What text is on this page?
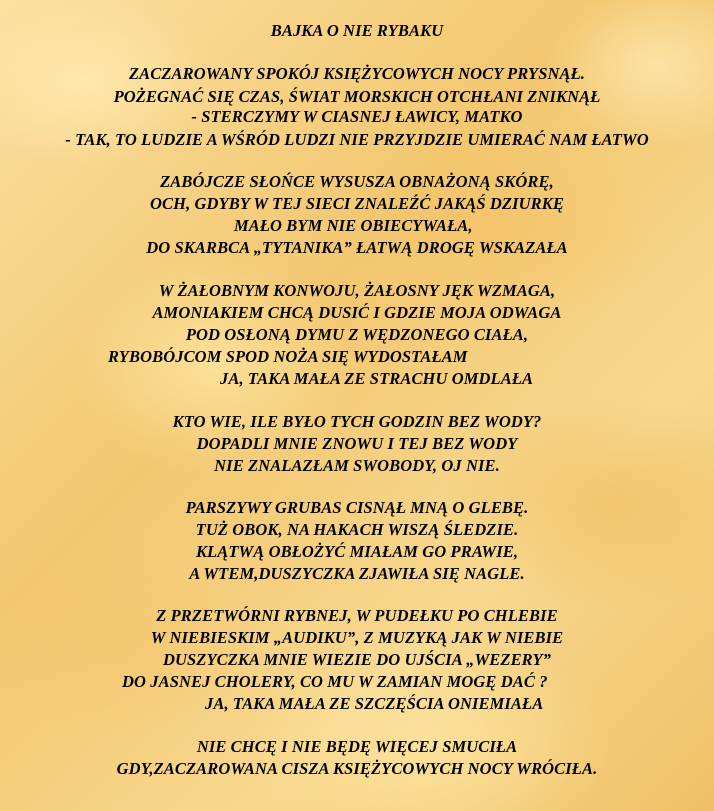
BAJKA O NIE RYBAKU
ZACZAROWANY SPOKÓJ KSIĘŻYCOWYCH NOCY PRYSNĄŁ.
POŻEGNAĆ SIĘ CZAS, ŚWIAT MORSKICH OTCHŁANI ZNIKNĄŁ
- STERCZYMY W CIASNEJ ŁAWICY, MATKO
- TAK, TO LUDZIE A WŚRÓD LUDZI NIE PRZYJDZIE UMIERAĆ NAM ŁATWO
ZABÓJCZE SŁOŃCE WYSUSZA OBNAŻONĄ SKÓRĘ,
OCH, GDYBY W TEJ SIECI ZNALEŹĆ JAKĄŚ DZIURKĘ
MAŁO BYM NIE OBIECYWAŁA,
DO SKARBCA „TYTANIKA” ŁATWĄ DROGĘ WSKAZAŁA
W ŻAŁOBNYM KONWOJU, ŻAŁOSNY JĘK WZMAGA,
AMONIAKIEM CHCĄ DUSIĆ I GDZIE MOJA ODWAGA
POD OSŁONĄ DYMU Z WĘDZONEGO CIAŁA,
RYBOBÓJCOM SPOD NOŻA SIĘ WYDOSTAŁAM
JA, TAKA MAŁA ZE STRACHU OMDLAŁA
KTO WIE, ILE BYŁO TYCH GODZIN BEZ WODY?
DOPADLI MNIE ZNOWU I TEJ BEZ WODY
NIE ZNALAZŁAM SWOBODY, OJ NIE.
PARSZYWY GRUBAS CISNĄŁ MNĄ O GLEBĘ.
TUŻ OBOK, NA HAKACH WISZĄ ŚLEDZIE.
KLĄTWĄ OBŁOŻYĆ MIAŁAM GO PRAWIE,
A WTEM,DUSZYCZKA ZJAWIŁA SIĘ NAGLE.
Z PRZETWÓRNI RYBNEJ, W PUDEŁKU PO CHLEBIE
W NIEBIESKIM „AUDIKU”, Z MUZYKĄ JAK W NIEBIE
DUSZYCZKA MNIE WIEZIE DO UJŚCIA „WEZERY”
DO JASNEJ CHOLERY, CO MU W ZAMIAN MOGĘ DAĆ ?
JA, TAKA MAŁA ZE SZCZĘŚCIA ONIEMIAŁA
NIE CHCĘ I NIE BĘDĘ WIĘCEJ SMUCIŁA
GDY,ZACZAROWANA CISZA KSIĘŻYCOWYCH NOCY WRÓCIŁA.
